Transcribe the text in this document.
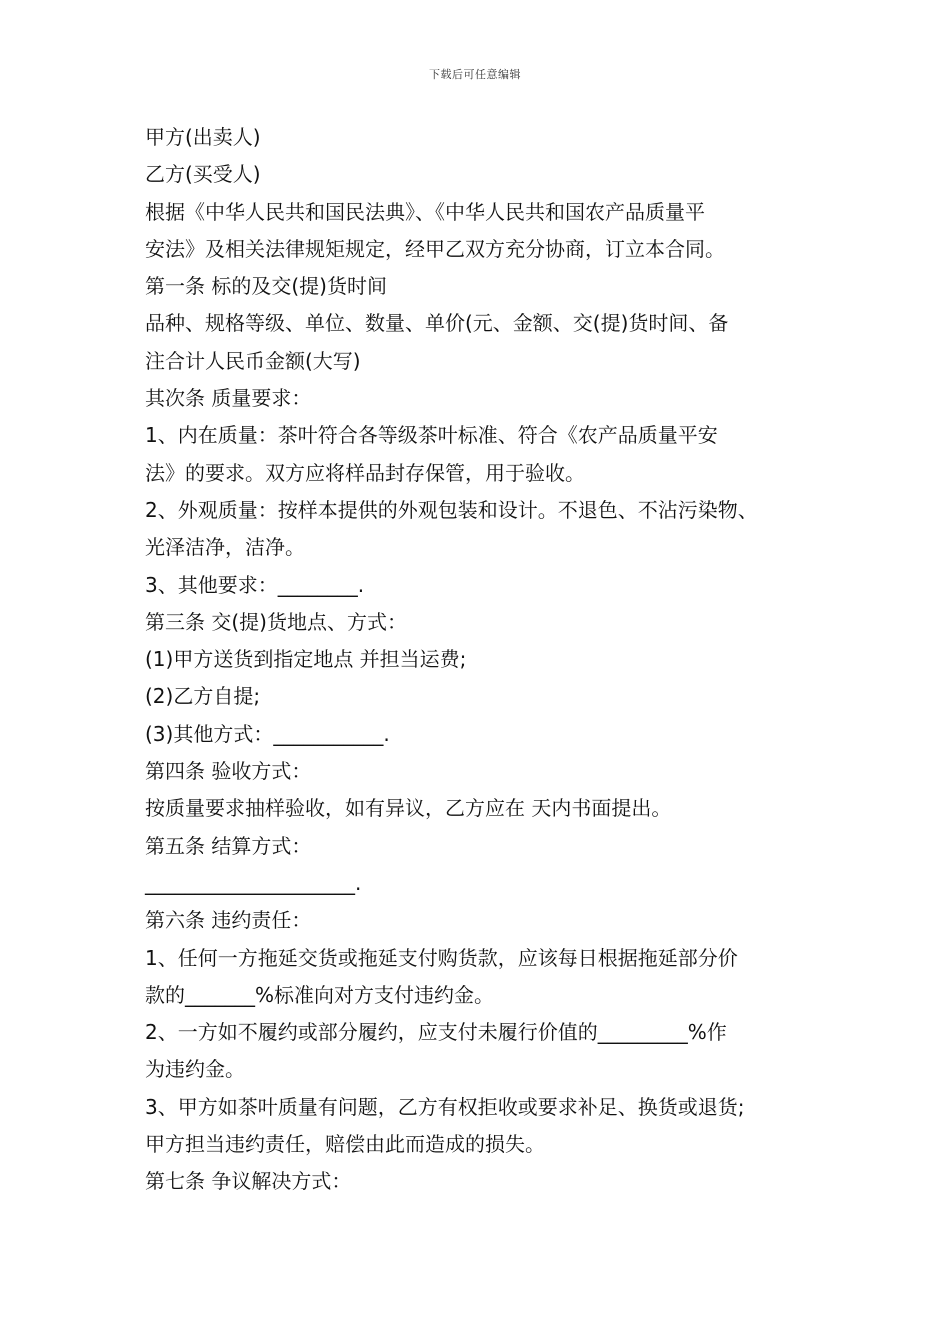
下载后可任意编辑
甲方(出卖人)
乙方(买受人)
根据《中华人民共和国民法典》、《中华人民共和国农产品质量平
安法》及相关法律规矩规定，经甲乙双方充分协商，订立本合同。
第一条 标的及交(提)货时间
品种、规格等级、单位、数量、单价(元、金额、交(提)货时间、备
注合计人民币金额(大写)
其次条 质量要求：
1、内在质量：茶叶符合各等级茶叶标准、符合《农产品质量平安
法》的要求。双方应将样品封存保管，用于验收。
2、外观质量：按样本提供的外观包装和设计。不退色、不沾污染物、
光泽洁净，洁净。
3、其他要求：________.
第三条 交(提)货地点、方式：
(1)甲方送货到指定地点 并担当运费;
(2)乙方自提;
(3)其他方式：___________.
第四条 验收方式：
按质量要求抽样验收，如有异议，乙方应在 天内书面提出。
第五条 结算方式：
_____________________.
第六条 违约责任：
1、任何一方拖延交货或拖延支付购货款，应该每日根据拖延部分价
款的_______%标准向对方支付违约金。
2、一方如不履约或部分履约，应支付未履行价值的_________%作
为违约金。
3、甲方如茶叶质量有问题，乙方有权拒收或要求补足、换货或退货;
甲方担当违约责任，赔偿由此而造成的损失。
第七条 争议解决方式：
